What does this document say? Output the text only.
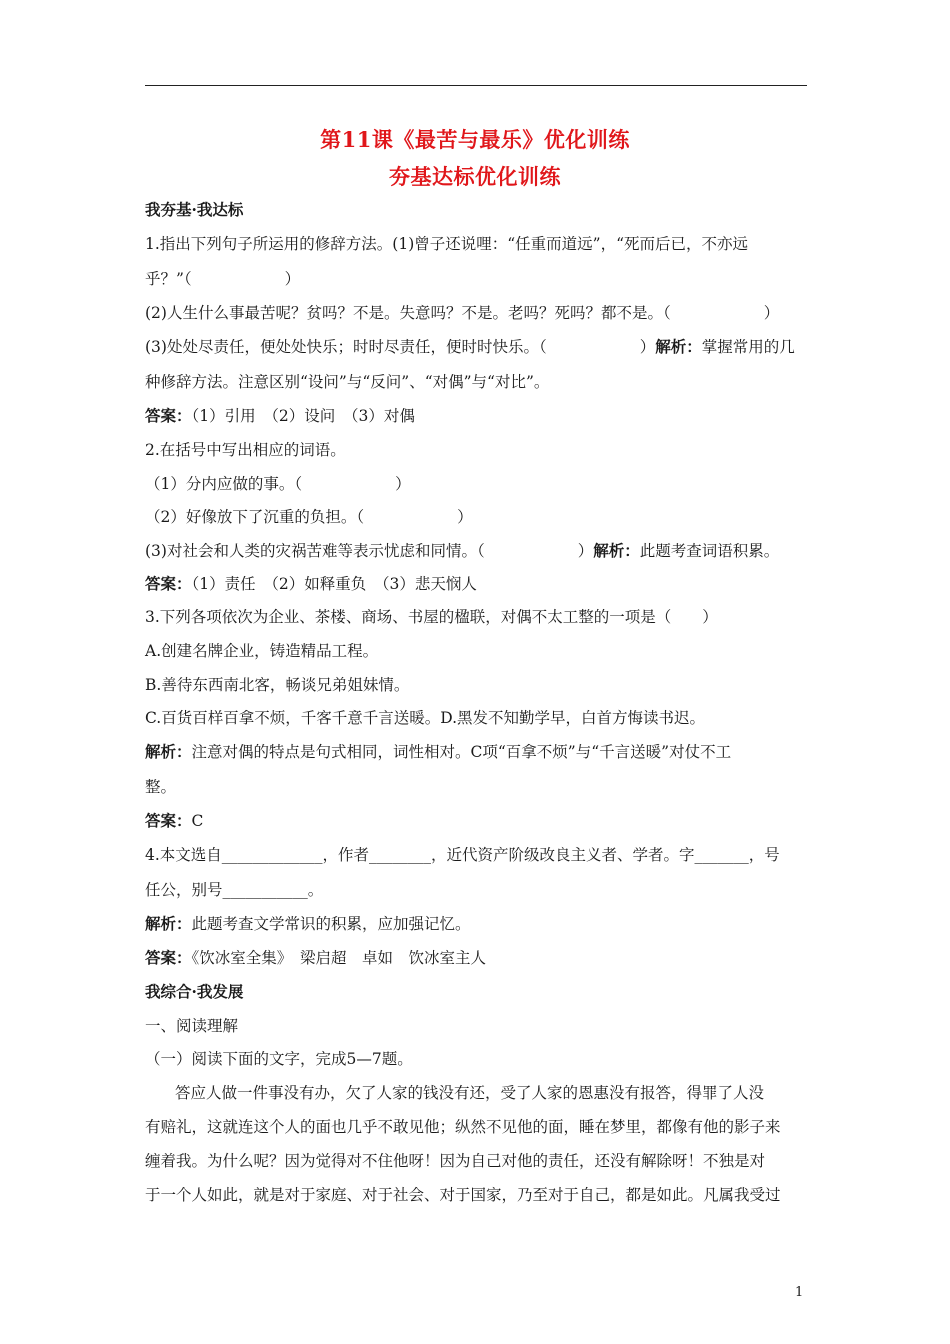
第11课《最苦与最乐》优化训练
夯基达标优化训练
我夯基·我达标
1.指出下列句子所运用的修辞方法。(1)曾子还说哩：“任重而道远”，“死而后已，不亦远
乎？”（　　　　　　）
(2)人生什么事最苦呢？贫吗？不是。失意吗？不是。老吗？死吗？都不是。（　　　　　　）
(3)处处尽责任，便处处快乐；时时尽责任，便时时快乐。（　　　　　　）解析：掌握常用的几
种修辞方法。注意区别“设问”与“反问”、“对偶”与“对比”。
答案：（1）引用　（2）设问　（3）对偶
2.在括号中写出相应的词语。
（1）分内应做的事。（　　　　　　）
（2）好像放下了沉重的负担。（　　　　　　）
(3)对社会和人类的灾祸苦难等表示忧虑和同情。（　　　　　　）解析：此题考查词语积累。
答案：（1）责任　（2）如释重负　（3）悲天悯人
3.下列各项依次为企业、茶楼、商场、书屋的楹联，对偶不太工整的一项是（　　）
A.创建名牌企业，铸造精品工程。
B.善待东西南北客，畅谈兄弟姐妹情。
C.百货百样百拿不烦，千客千意千言送暖。D.黑发不知勤学早，白首方悔读书迟。
解析：注意对偶的特点是句式相同，词性相对。C项“百拿不烦”与“千言送暖”对仗不工
整。
答案：C
4.本文选自_____________，作者________，近代资产阶级改良主义者、学者。字_______，号
任公，别号___________。
解析：此题考查文学常识的积累，应加强记忆。
答案：《饮冰室全集》　梁启超　卓如　饮冰室主人
我综合·我发展
一、阅读理解
（一）阅读下面的文字，完成5—7题。
答应人做一件事没有办，欠了人家的钱没有还，受了人家的恩惠没有报答，得罪了人没
有赔礼，这就连这个人的面也几乎不敢见他；纵然不见他的面，睡在梦里，都像有他的影子来
缠着我。为什么呢？因为觉得对不住他呀！因为自己对他的责任，还没有解除呀！不独是对
于一个人如此，就是对于家庭、对于社会、对于国家，乃至对于自己，都是如此。凡属我受过
1
